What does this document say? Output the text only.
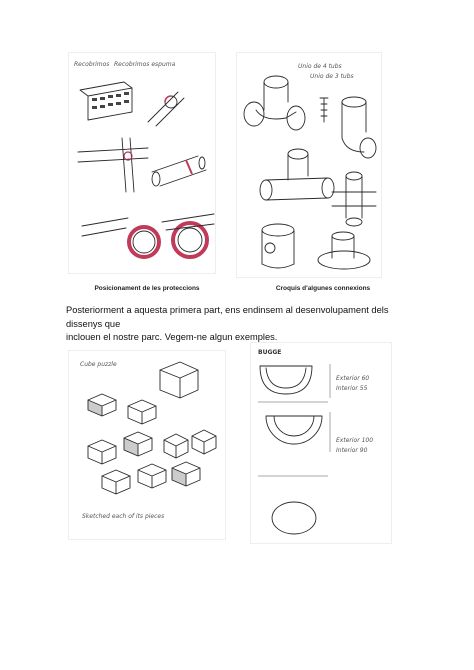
Recobrimos Recobrimos espuma
Posicionament de les proteccions
Unio de 4 tubs
Unio de 3 tubs
Croquis d'algunes connexions

Posteriorment a aquesta primera part, ens endinsem al desenvolupament dels dissenys que

inclouen el nostre parc. Vegem-ne algun exemples.

Cube puzzle
Sketched each of its pieces
BUGGE
Exterior 60
Interior 55
Exterior 100
Interior 90
